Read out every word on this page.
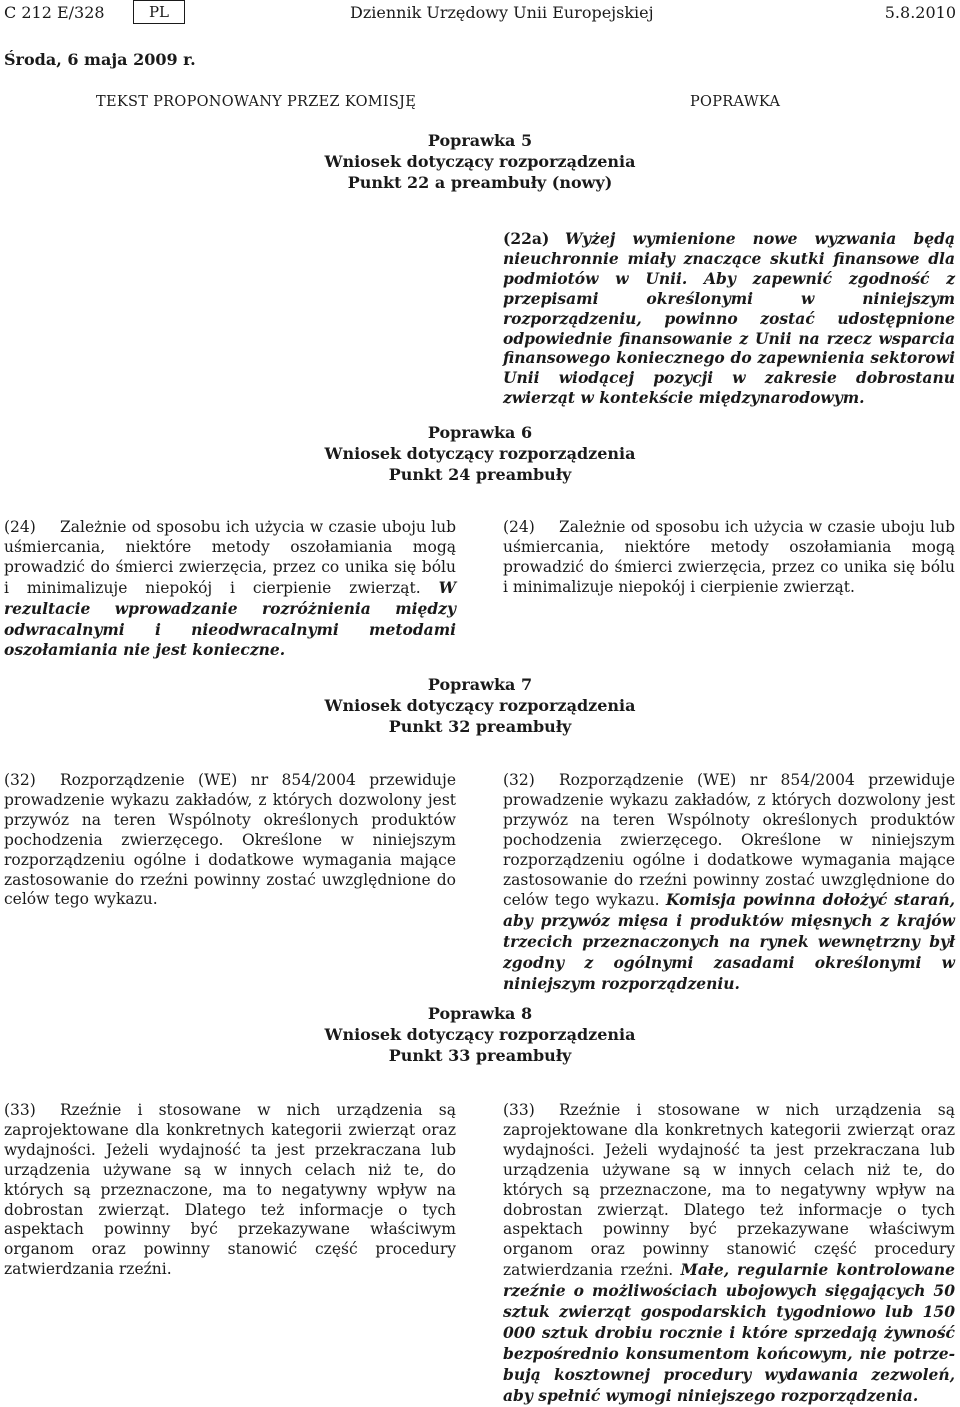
C 212 E/328	PL	Dziennik Urzędowy Unii Europejskiej	5.8.2010
Środa, 6 maja 2009 r.
TEKST PROPONOWANY PRZEZ KOMISJĘ	POPRAWKA
Poprawka 5
Wniosek dotyczący rozporządzenia
Punkt 22 a preambuły (nowy)
(22a) Wyżej wymienione nowe wyzwania będą nieuchronnie miały znaczące skutki finansowe dla podmiotów w Unii. Aby zapewnić zgodność z przepisami określonymi w niniejszym rozporządzeniu, powinno zostać udostępnione odpowiednie finansowanie z Unii na rzecz wsparcia finansowego koniecznego do zapewnienia sektorowi Unii wiodącej pozycji w zakresie dobrostanu zwierząt w kontekście międzynarodowym.
Poprawka 6
Wniosek dotyczący rozporządzenia
Punkt 24 preambuły
(24) Zależnie od sposobu ich użycia w czasie uboju lub uśmiercania, niektóre metody oszołamiania mogą prowadzić do śmierci zwierzęcia, przez co unika się bólu i minimalizuje niepokój i cierpienie zwierząt. W rezultacie wprowadzanie rozróżnienia między odwracalnymi i nieodwracalnymi metodami oszołamiania nie jest konieczne.
(24) Zależnie od sposobu ich użycia w czasie uboju lub uśmiercania, niektóre metody oszołamiania mogą prowadzić do śmierci zwierzęcia, przez co unika się bólu i minimalizuje niepokój i cierpienie zwierząt.
Poprawka 7
Wniosek dotyczący rozporządzenia
Punkt 32 preambuły
(32) Rozporządzenie (WE) nr 854/2004 przewiduje prowadzenie wykazu zakładów, z których dozwolony jest przywóz na teren Wspólnoty określonych produktów pochodzenia zwierzęcego. Określone w niniejszym rozporządzeniu ogólne i dodatkowe wymagania mające zastosowanie do rzeźni powinny zostać uwzględnione do celów tego wykazu.
(32) Rozporządzenie (WE) nr 854/2004 przewiduje prowadzenie wykazu zakładów, z których dozwolony jest przywóz na teren Wspólnoty określonych produktów pochodzenia zwierzęcego. Określone w niniejszym rozporządzeniu ogólne i dodatkowe wymagania mające zastosowanie do rzeźni powinny zostać uwzględnione do celów tego wykazu. Komisja powinna dołożyć starań, aby przywóz mięsa i produktów mięsnych z krajów trzecich przeznaczonych na rynek wewnętrzny był zgodny z ogólnymi zasadami określonymi w niniejszym rozporządzeniu.
Poprawka 8
Wniosek dotyczący rozporządzenia
Punkt 33 preambuły
(33) Rzeźnie i stosowane w nich urządzenia są zaprojektowane dla konkretnych kategorii zwierząt oraz wydajności. Jeżeli wydajność ta jest przekraczana lub urządzenia używane są w innych celach niż te, do których są przeznaczone, ma to negatywny wpływ na dobrostan zwierząt. Dlatego też informacje o tych aspektach powinny być przekazywane właściwym organom oraz powinny stanowić część procedury zatwierdzania rzeźni.
(33) Rzeźnie i stosowane w nich urządzenia są zaprojektowane dla konkretnych kategorii zwierząt oraz wydajności. Jeżeli wydajność ta jest przekraczana lub urządzenia używane są w innych celach niż te, do których są przeznaczone, ma to negatywny wpływ na dobrostan zwierząt. Dlatego też informacje o tych aspektach powinny być przekazywane właściwym organom oraz powinny stanowić część procedury zatwierdzania rzeźni. Małe, regularnie kontrolowane rzeźnie o możliwościach ubojowych sięgających 50 sztuk zwierząt gospodarskich tygodniowo lub 150 000 sztuk drobiu rocznie i które sprzedają żywność bezpośrednio konsumentom końcowym, nie potrzebują kosztownej procedury wydawania zezwoleń, aby spełnić wymogi niniejszego rozporządzenia.
